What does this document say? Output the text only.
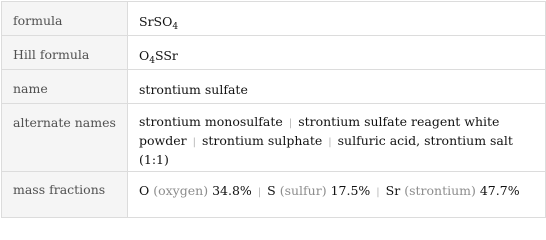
formula	SrSO$_4$
Hill formula	$O_4SSr$
name	strontium sulfate
alternate names	strontium monosulfate | strontium sulfate reagent white powder | strontium sulphate | sulfuric acid, strontium salt (1:1)
mass fractions	O (oxygen) 34.8% | S (sulfur) 17.5% | Sr (strontium) 47.7%
